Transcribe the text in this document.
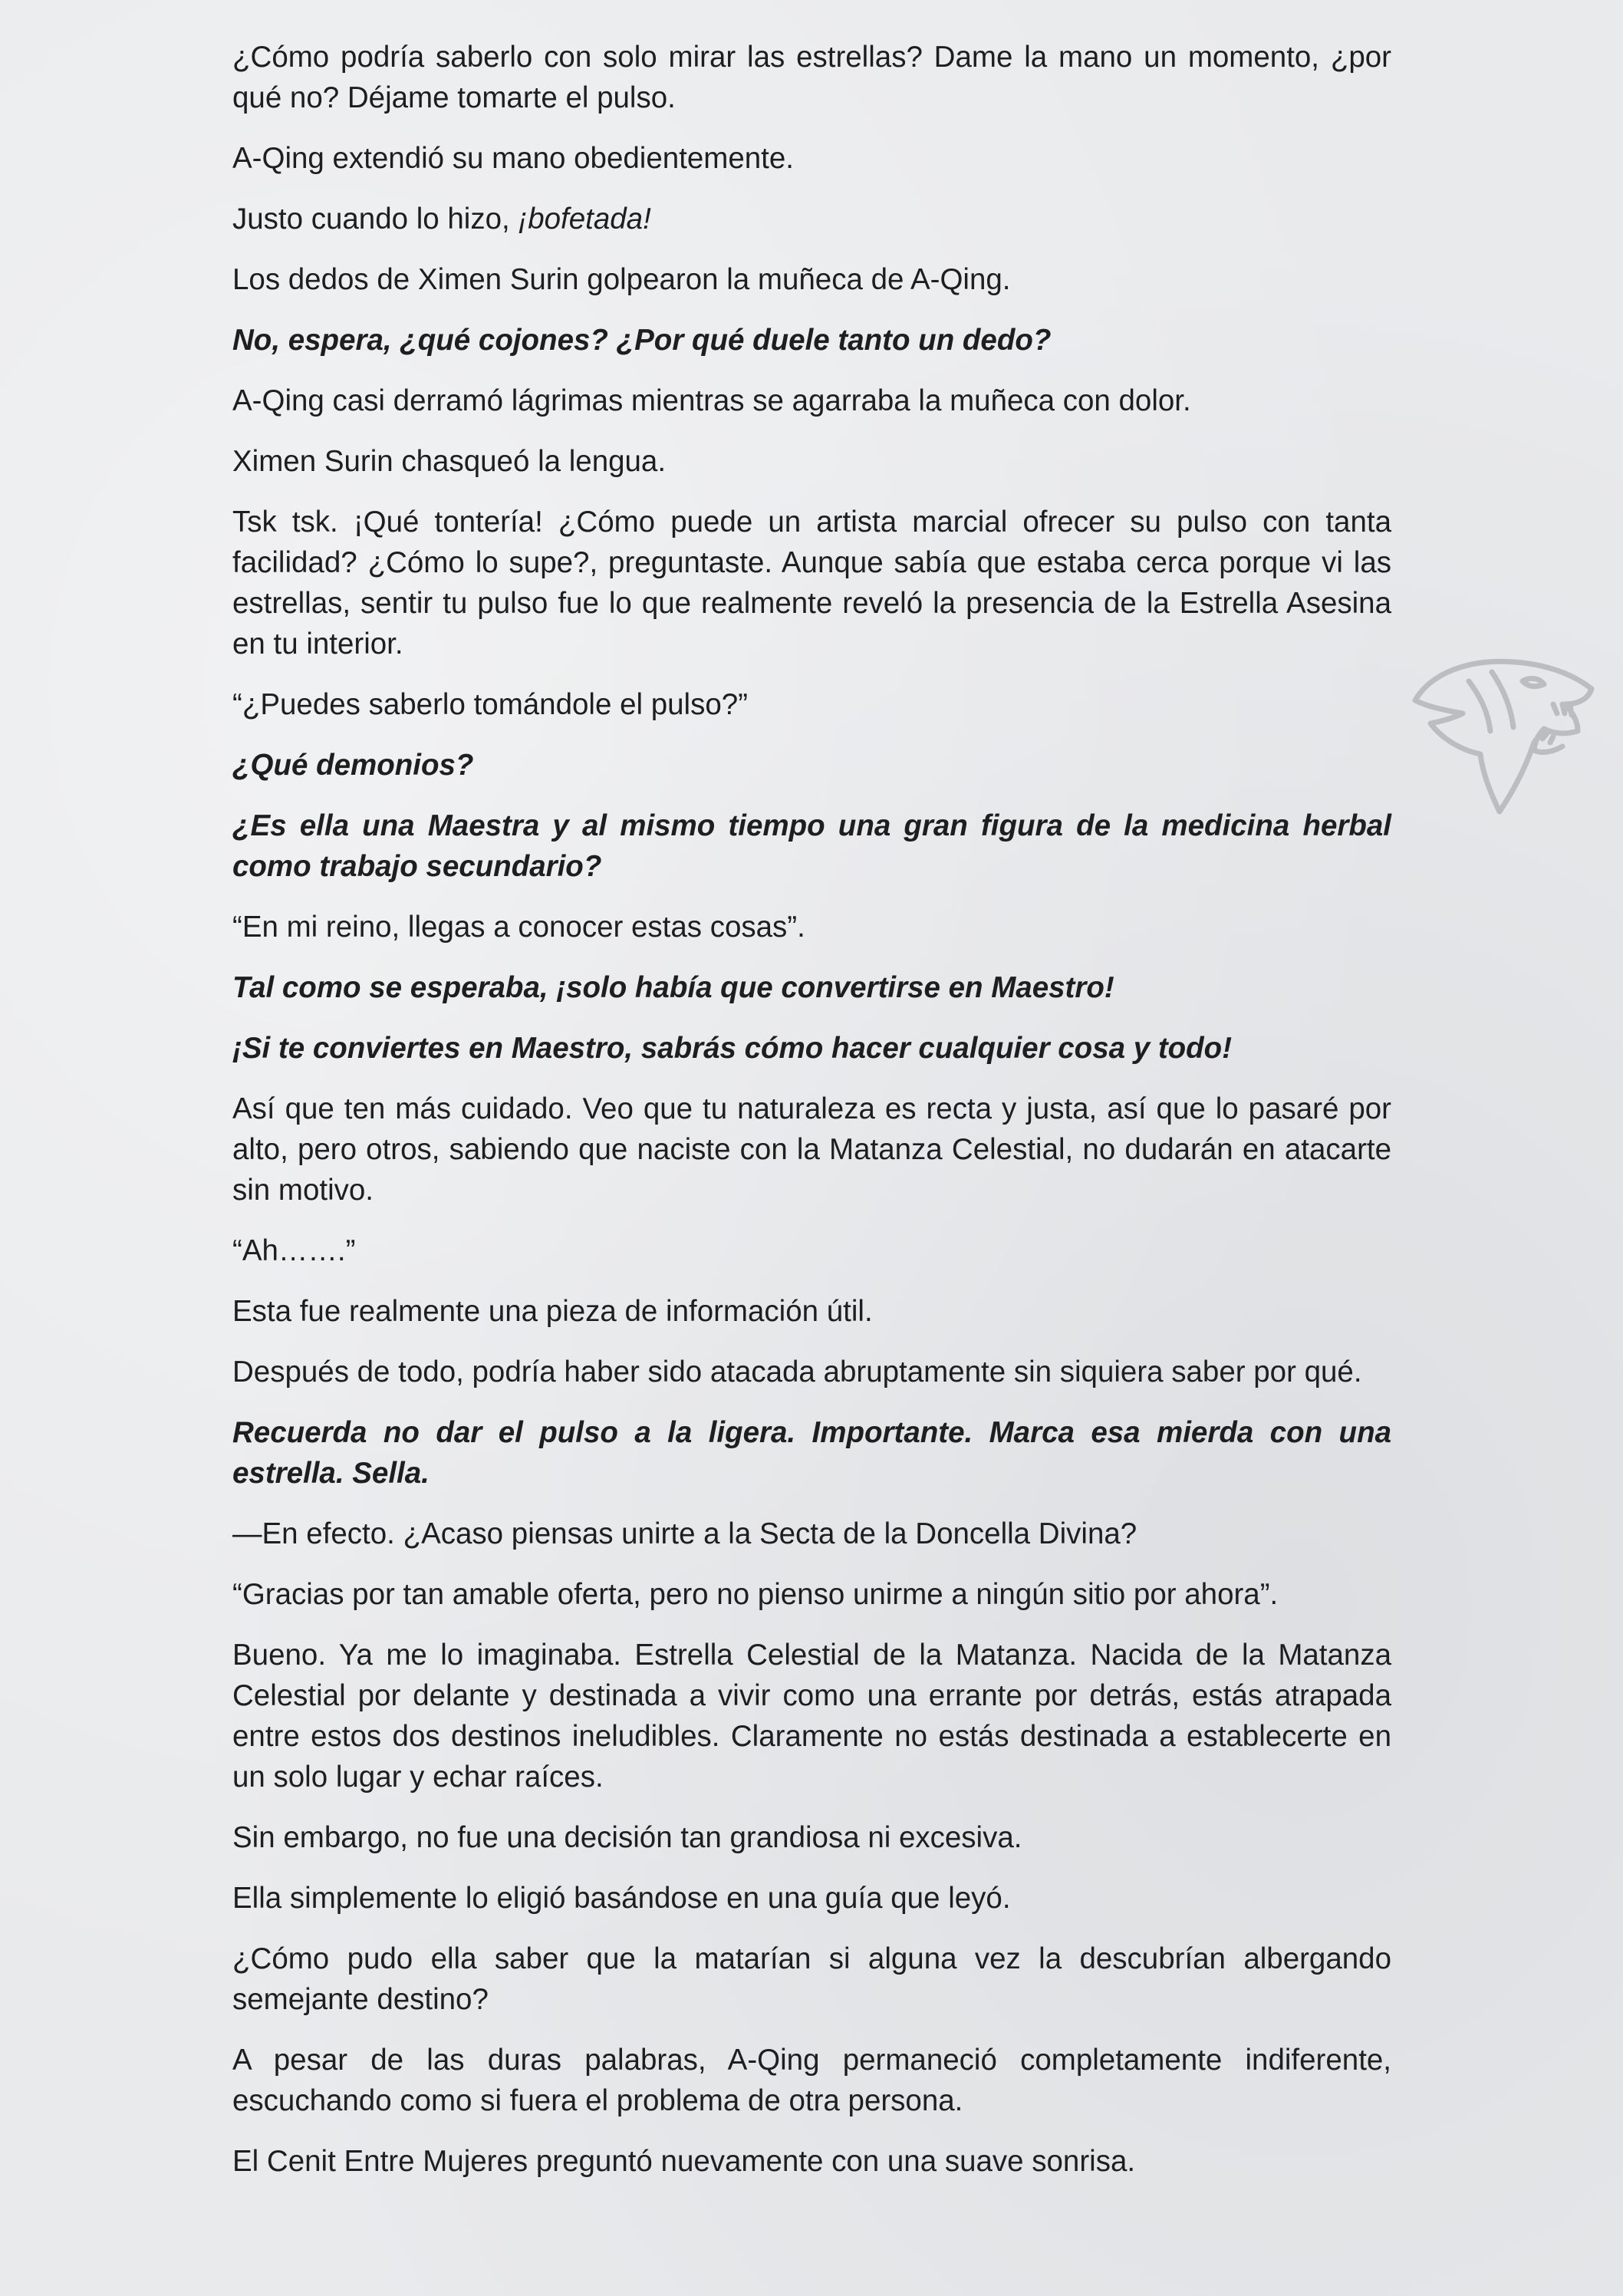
¿Cómo podría saberlo con solo mirar las estrellas? Dame la mano un momento, ¿por qué no? Déjame tomarte el pulso.

A-Qing extendió su mano obedientemente.

Justo cuando lo hizo, ¡bofetada!

Los dedos de Ximen Surin golpearon la muñeca de A-Qing.

No, espera, ¿qué cojones? ¿Por qué duele tanto un dedo?

A-Qing casi derramó lágrimas mientras se agarraba la muñeca con dolor.

Ximen Surin chasqueó la lengua.

Tsk tsk. ¡Qué tontería! ¿Cómo puede un artista marcial ofrecer su pulso con tanta facilidad? ¿Cómo lo supe?, preguntaste. Aunque sabía que estaba cerca porque vi las estrellas, sentir tu pulso fue lo que realmente reveló la presencia de la Estrella Asesina en tu interior.

“¿Puedes saberlo tomándole el pulso?”

¿Qué demonios?

¿Es ella una Maestra y al mismo tiempo una gran figura de la medicina herbal como trabajo secundario?

“En mi reino, llegas a conocer estas cosas”.

Tal como se esperaba, ¡solo había que convertirse en Maestro!

¡Si te conviertes en Maestro, sabrás cómo hacer cualquier cosa y todo!

Así que ten más cuidado. Veo que tu naturaleza es recta y justa, así que lo pasaré por alto, pero otros, sabiendo que naciste con la Matanza Celestial, no dudarán en atacarte sin motivo.

“Ah…….”

Esta fue realmente una pieza de información útil.

Después de todo, podría haber sido atacada abruptamente sin siquiera saber por qué.

Recuerda no dar el pulso a la ligera. Importante. Marca esa mierda con una estrella. Sella.

—En efecto. ¿Acaso piensas unirte a la Secta de la Doncella Divina?

“Gracias por tan amable oferta, pero no pienso unirme a ningún sitio por ahora”.

Bueno. Ya me lo imaginaba. Estrella Celestial de la Matanza. Nacida de la Matanza Celestial por delante y destinada a vivir como una errante por detrás, estás atrapada entre estos dos destinos ineludibles. Claramente no estás destinada a establecerte en un solo lugar y echar raíces.

Sin embargo, no fue una decisión tan grandiosa ni excesiva.

Ella simplemente lo eligió basándose en una guía que leyó.

¿Cómo pudo ella saber que la matarían si alguna vez la descubrían albergando semejante destino?

A pesar de las duras palabras, A-Qing permaneció completamente indiferente, escuchando como si fuera el problema de otra persona.

El Cenit Entre Mujeres preguntó nuevamente con una suave sonrisa.
